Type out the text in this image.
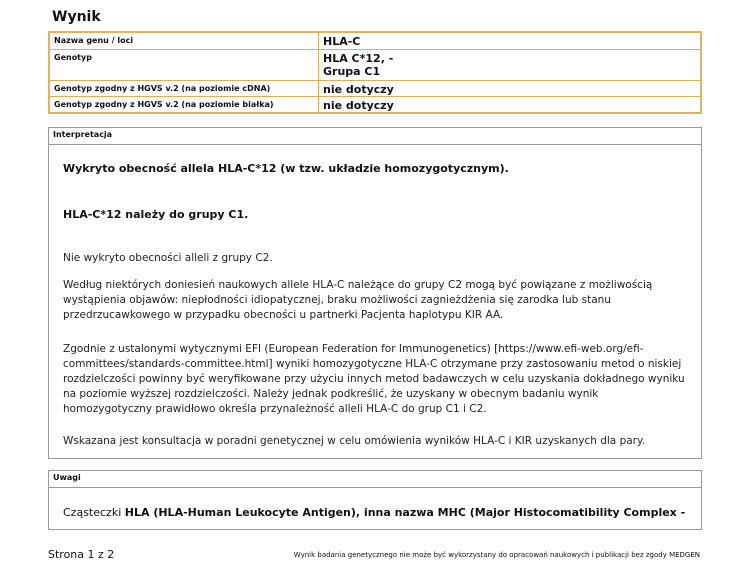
Wynik
Nazwa genu / loci	HLA-C
Genotyp	HLA C*12, -
Grupa C1
Genotyp zgodny z HGVS v.2 (na poziomie cDNA)	nie dotyczy
Genotyp zgodny z HGVS v.2 (na poziomie białka)	nie dotyczy
Interpretacja
Wykryto obecność allela HLA-C*12 (w tzw. układzie homozygotycznym).
HLA-C*12 należy do grupy C1.
Nie wykryto obecności alleli z grupy C2.
Według niektórych doniesień naukowych allele HLA-C należące do grupy C2 mogą być powiązane z możliwością wystąpienia objawów: niepłodności idiopatycznej, braku możliwości zagnieżdżenia się zarodka lub stanu przedrzucawkowego w przypadku obecności u partnerki Pacjenta haplotypu KIR AA.
Zgodnie z ustalonymi wytycznymi EFI (European Federation for Immunogenetics) [https://www.efi-web.org/efi-committees/standards-committee.html] wyniki homozygotyczne HLA-C otrzymane przy zastosowaniu metod o niskiej rozdzielczości powinny być weryfikowane przy użyciu innych metod badawczych w celu uzyskania dokładnego wyniku na poziomie wyższej rozdzielczości. Należy jednak podkreślić, że uzyskany w obecnym badaniu wynik homozygotyczny prawidłowo określa przynależność alleli HLA-C do grup C1 i C2.
Wskazana jest konsultacja w poradni genetycznej w celu omówienia wyników HLA-C i KIR uzyskanych dla pary.
Uwagi
Cząsteczki HLA (HLA-Human Leukocyte Antigen), inna nazwa MHC (Major Histocomatibility Complex -
Strona 1 z 2	Wynik badania genetycznego nie może być wykorzystany do opracowań naukowych i publikacji bez zgody MEDGEN
